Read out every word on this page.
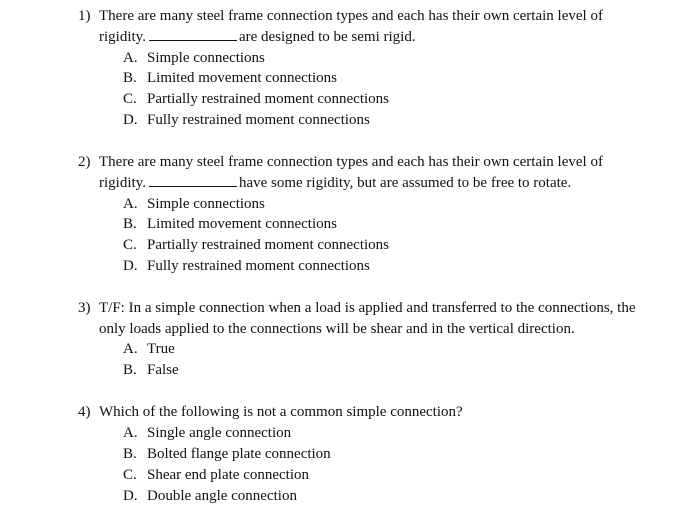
1) There are many steel frame connection types and each has their own certain level of
rigidity.	are designed to be semi rigid.
A. Simple connections
B. Limited movement connections
C. Partially restrained moment connections
D. Fully restrained moment connections
2) There are many steel frame connection types and each has their own certain level of
rigidity.	have some rigidity, but are assumed to be free to rotate.
A. Simple connections
B. Limited movement connections
C. Partially restrained moment connections
D. Fully restrained moment connections
3) T/F: In a simple connection when a load is applied and transferred to the connections, the
only loads applied to the connections will be shear and in the vertical direction.
A. True
B. False
4) Which of the following is not a common simple connection?
A. Single angle connection
B. Bolted flange plate connection
C. Shear end plate connection
D. Double angle connection
